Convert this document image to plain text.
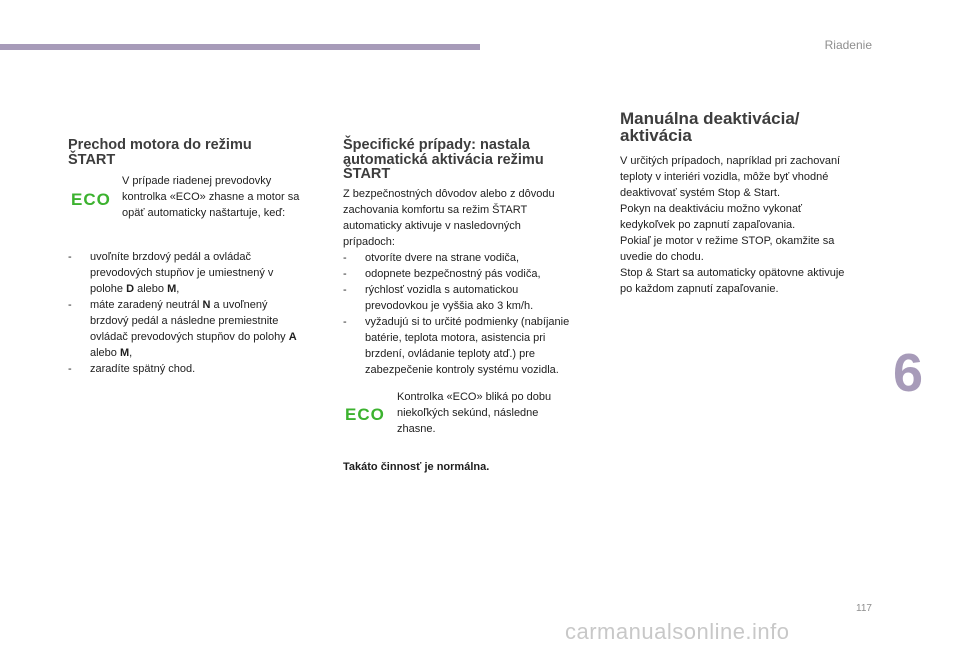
Riadenie
6
117
Prechod motora do režimu
ŠTART
ECO

V prípade riadenej prevodovky

kontrolka «ECO» zhasne a motor sa

opäť automaticky naštartuje, keď:

- uvoľníte brzdový pedál a ovládač
prevodových stupňov je umiestnený v
polohe D alebo M,
- máte zaradený neutrál N a uvoľnený
brzdový pedál a následne premiestnite
ovládač prevodových stupňov do polohy A
alebo M,
- zaradíte spätný chod.
Špecifické prípady: nastala
automatická aktivácia režimu
ŠTART

Z bezpečnostných dôvodov alebo z dôvodu

zachovania komfortu sa režim ŠTART

automaticky aktivuje v nasledovných

prípadoch:

- otvoríte dvere na strane vodiča,
- odopnete bezpečnostný pás vodiča,
- rýchlosť vozidla s automatickou
prevodovkou je vyššia ako 3 km/h.
- vyžadujú si to určité podmienky (nabíjanie
batérie, teplota motora, asistencia pri
brzdení, ovládanie teploty atď.) pre
zabezpečenie kontroly systému vozidla.
ECO

Kontrolka «ECO» bliká po dobu

niekoľkých sekúnd, následne

zhasne.

Takáto činnosť je normálna.

Manuálna deaktivácia/
aktivácia

V určitých prípadoch, napríklad pri zachovaní

teploty v interiéri vozidla, môže byť vhodné

deaktivovať systém Stop & Start.

Pokyn na deaktiváciu možno vykonať

kedykoľvek po zapnutí zapaľovania.

Pokiaľ je motor v režime STOP, okamžite sa

uvedie do chodu.

Stop & Start sa automaticky opätovne aktivuje

po každom zapnutí zapaľovanie.

carmanualsonline.info
